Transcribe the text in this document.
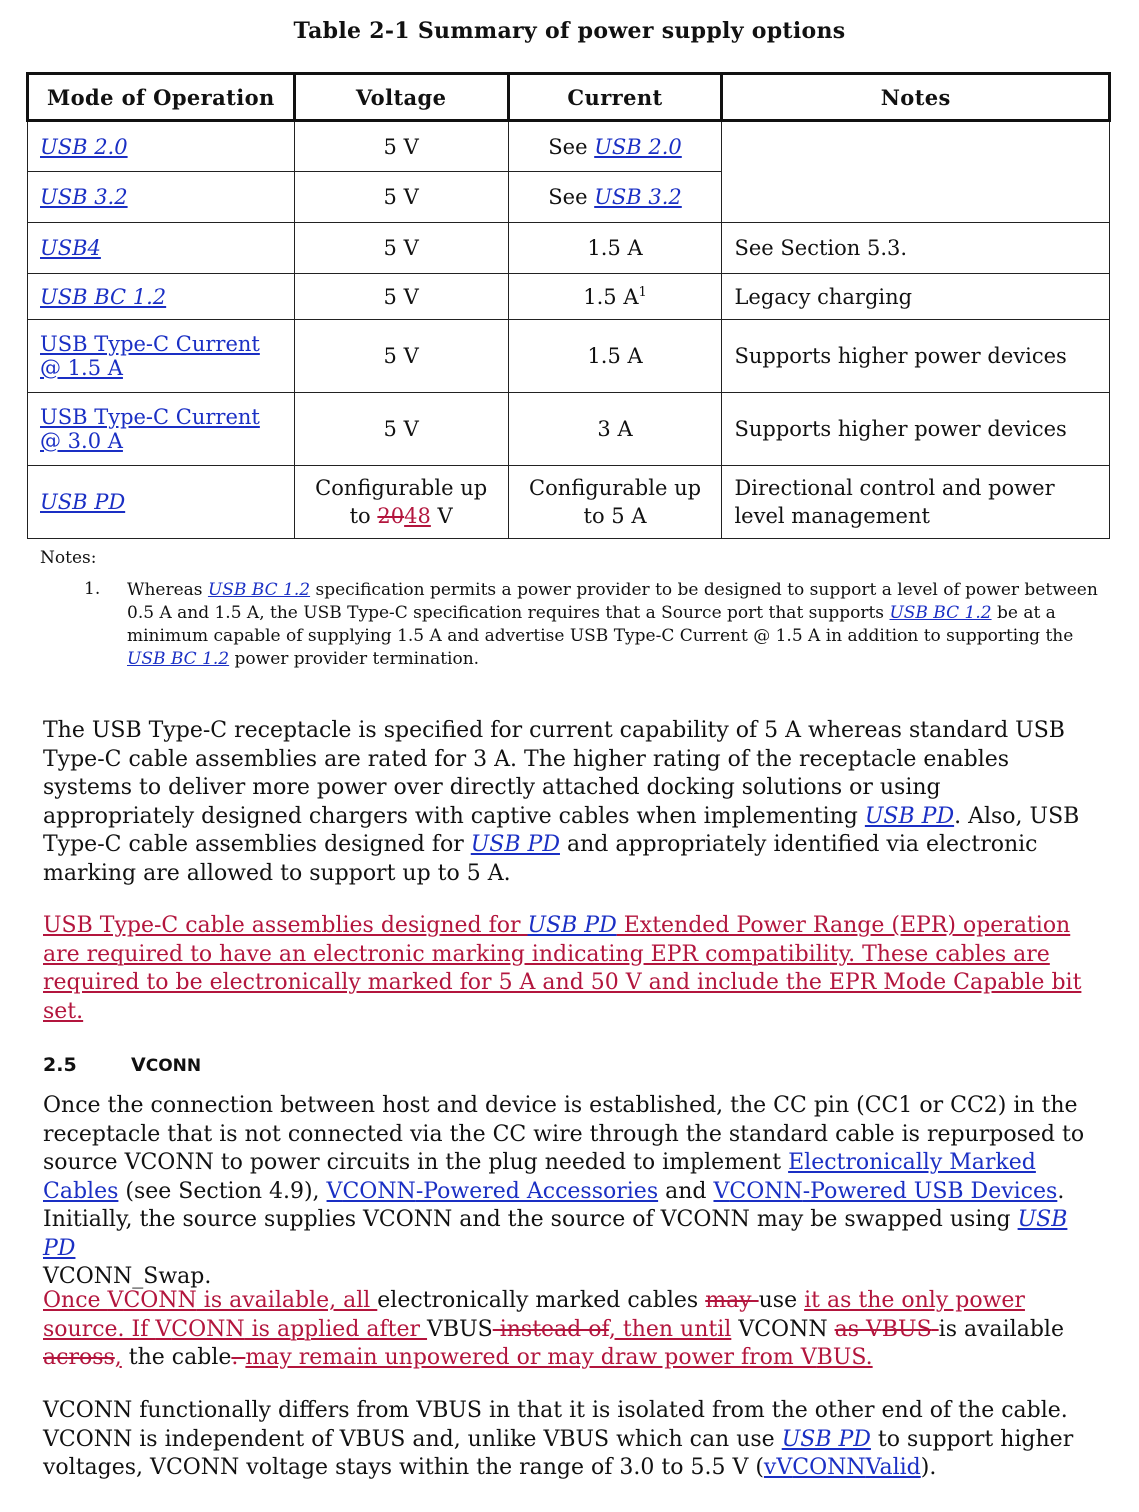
Table 2-1 Summary of power supply options
Mode of Operation	Voltage	Current	Notes
USB 2.0	5 V	See USB 2.0	
USB 3.2	5 V	See USB 3.2	
USB4	5 V	1.5 A	See Section 5.3.
USB BC 1.2	5 V	1.5 $A^1$	Legacy charging
USB Type-C Current @ 1.5 A	5 V	1.5 A	Supports higher power devices
USB Type-C Current @ 3.0 A	5 V	3 A	Supports higher power devices
USB PD	Configurable up to 2048 V	Configurable up to 5 A	Directional control and power level management
Notes:
1. Whereas USB BC 1.2 specification permits a power provider to be designed to support a level of power between 0.5 A and 1.5 A, the USB Type-C specification requires that a Source port that supports USB BC 1.2 be at a minimum capable of supplying 1.5 A and advertise USB Type-C Current @ 1.5 A in addition to supporting the USB BC 1.2 power provider termination.
The USB Type-C receptacle is specified for current capability of 5 A whereas standard USB Type-C cable assemblies are rated for 3 A. The higher rating of the receptacle enables systems to deliver more power over directly attached docking solutions or using appropriately designed chargers with captive cables when implementing USB PD. Also, USB Type-C cable assemblies designed for USB PD and appropriately identified via electronic marking are allowed to support up to 5 A.
USB Type-C cable assemblies designed for USB PD Extended Power Range (EPR) operation are required to have an electronic marking indicating EPR compatibility. These cables are required to be electronically marked for 5 A and 50 V and include the EPR Mode Capable bit set.
2.5	VCONN
Once the connection between host and device is established, the CC pin (CC1 or CC2) in the receptacle that is not connected via the CC wire through the standard cable is repurposed to source VCONN to power circuits in the plug needed to implement Electronically Marked Cables (see Section 4.9), VCONN-Powered Accessories and VCONN-Powered USB Devices. Initially, the source supplies VCONN and the source of VCONN may be swapped using USB PD
VCONN_Swap.
Once VCONN is available, all electronically marked cables may use it as the only power source. If VCONN is applied after VBUS instead of, then until VCONN as VBUS is available across, the cable. may remain unpowered or may draw power from VBUS.
VCONN functionally differs from VBUS in that it is isolated from the other end of the cable. VCONN is independent of VBUS and, unlike VBUS which can use USB PD to support higher voltages, VCONN voltage stays within the range of 3.0 to 5.5 V (vVCONNValid).
